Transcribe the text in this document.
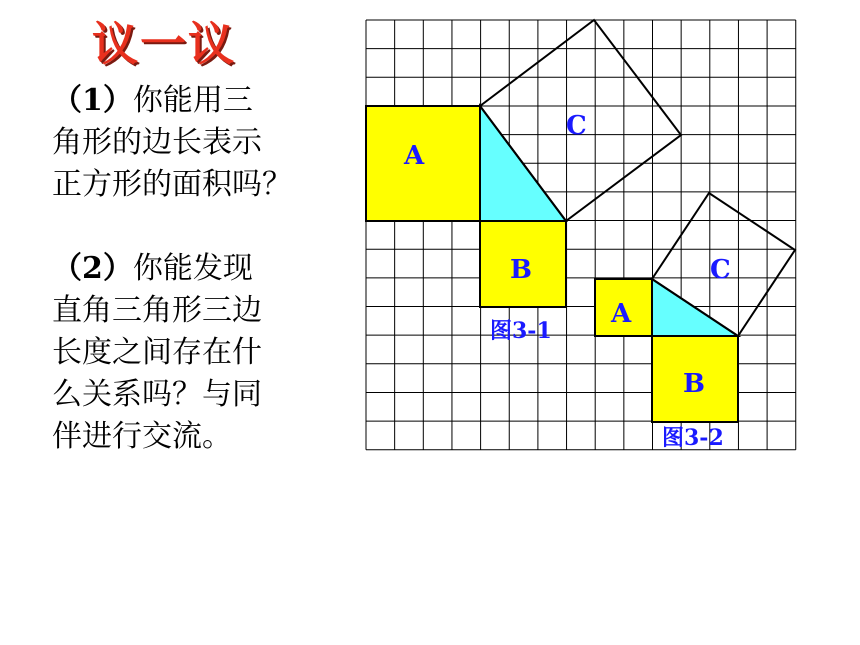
议一议
（1）你能用三
角形的边长表示
正方形的面积吗？
（2）你能发现
直角三角形三边
长度之间存在什
么关系吗？与同
伴进行交流。
A
B
C
图3-1
A
B
C
图3-2
